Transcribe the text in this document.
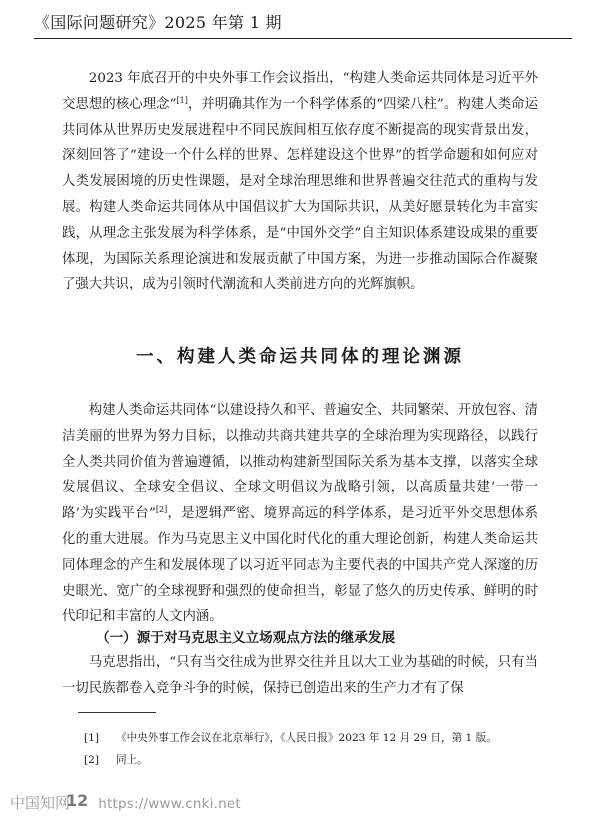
《国际问题研究》2025 年第 1 期

2023 年底召开的中央外事工作会议指出，“构建人类命运共同体是习近平外交思想的核心理念”[1]，并明确其作为一个科学体系的“四梁八柱”。构建人类命运共同体从世界历史发展进程中不同民族间相互依存度不断提高的现实背景出发，深刻回答了“建设一个什么样的世界、怎样建设这个世界”的哲学命题和如何应对人类发展困境的历史性课题，是对全球治理思维和世界普遍交往范式的重构与发展。构建人类命运共同体从中国倡议扩大为国际共识，从美好愿景转化为丰富实践，从理念主张发展为科学体系，是“中国外交学”自主知识体系建设成果的重要体现，为国际关系理论演进和发展贡献了中国方案，为进一步推动国际合作凝聚了强大共识，成为引领时代潮流和人类前进方向的光辉旗帜。

一、构建人类命运共同体的理论渊源

构建人类命运共同体“以建设持久和平、普遍安全、共同繁荣、开放包容、清洁美丽的世界为努力目标，以推动共商共建共享的全球治理为实现路径，以践行全人类共同价值为普遍遵循，以推动构建新型国际关系为基本支撑，以落实全球发展倡议、全球安全倡议、全球文明倡议为战略引领，以高质量共建‘一带一路’为实践平台”[2]，是逻辑严密、境界高远的科学体系，是习近平外交思想体系化的重大进展。作为马克思主义中国化时代化的重大理论创新，构建人类命运共同体理念的产生和发展体现了以习近平同志为主要代表的中国共产党人深邃的历史眼光、宽广的全球视野和强烈的使命担当，彰显了悠久的历史传承、鲜明的时代印记和丰富的人文内涵。

（一）源于对马克思主义立场观点方法的继承发展

马克思指出，“只有当交往成为世界交往并且以大工业为基础的时候，只有当一切民族都卷入竞争斗争的时候，保持已创造出来的生产力才有了保

[1] 《中央外事工作会议在北京举行》，《人民日报》2023 年 12 月 29 日，第 1 版。
[2] 同上。
中国知网12 https://www.cnki.net
